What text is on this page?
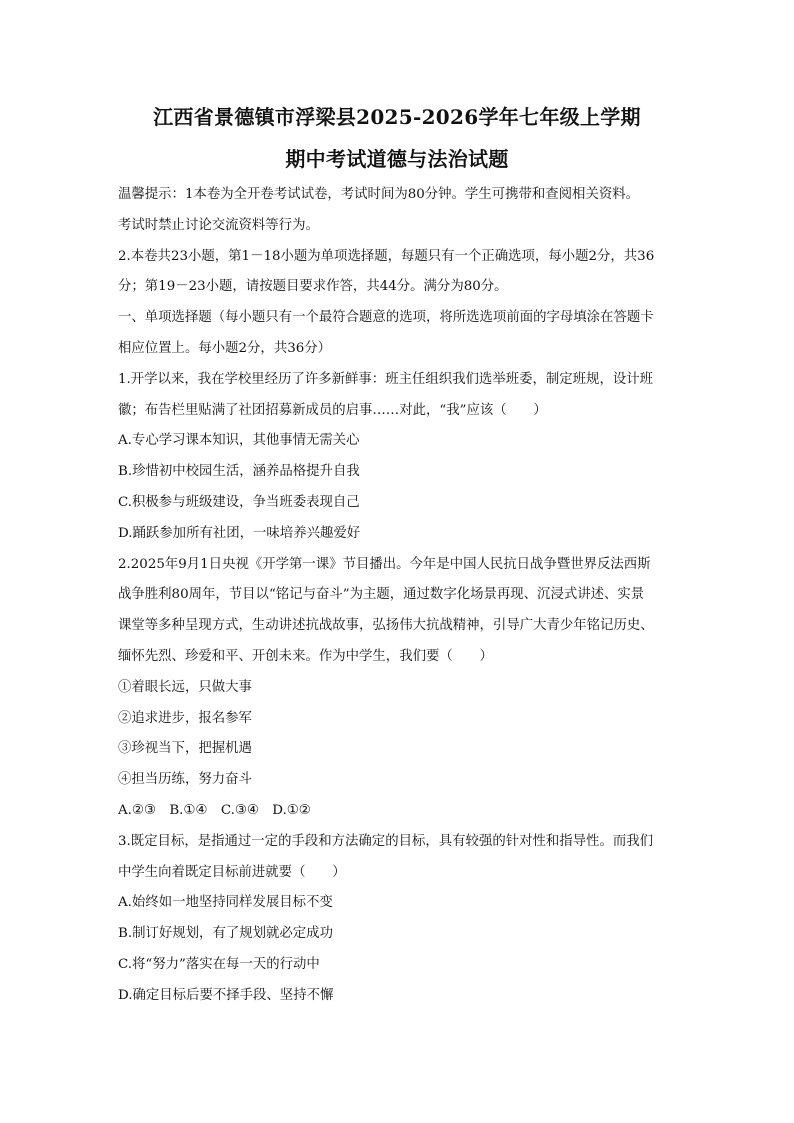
江西省景德镇市浮梁县2025-2026学年七年级上学期
期中考试道德与法治试题
温馨提示：1本卷为全开卷考试试卷，考试时间为80分钟。学生可携带和查阅相关资料。
考试时禁止讨论交流资料等行为。
2.本卷共23小题，第1－18小题为单项选择题，每题只有一个正确选项，每小题2分，共36
分；第19－23小题，请按题目要求作答，共44分。满分为80分。
一、单项选择题（每小题只有一个最符合题意的选项，将所选选项前面的字母填涂在答题卡
相应位置上。每小题2分，共36分）
1.开学以来，我在学校里经历了许多新鲜事：班主任组织我们选举班委，制定班规，设计班
徽；布告栏里贴满了社团招募新成员的启事……对此，“我”应该（　　）
A.专心学习课本知识，其他事情无需关心
B.珍惜初中校园生活，涵养品格提升自我
C.积极参与班级建设，争当班委表现自己
D.踊跃参加所有社团，一味培养兴趣爱好
2.2025年9月1日央视《开学第一课》节目播出。今年是中国人民抗日战争暨世界反法西斯
战争胜利80周年，节目以“铭记与奋斗”为主题，通过数字化场景再现、沉浸式讲述、实景
课堂等多种呈现方式，生动讲述抗战故事，弘扬伟大抗战精神，引导广大青少年铭记历史、
缅怀先烈、珍爱和平、开创未来。作为中学生，我们要（　　）
①着眼长远，只做大事
②追求进步，报名参军
③珍视当下，把握机遇
④担当历练，努力奋斗
A.②③　B.①④　C.③④　D.①②
3.既定目标，是指通过一定的手段和方法确定的目标，具有较强的针对性和指导性。而我们
中学生向着既定目标前进就要（　　）
A.始终如一地坚持同样发展目标不变
B.制订好规划，有了规划就必定成功
C.将“努力”落实在每一天的行动中
D.确定目标后要不择手段、坚持不懈
